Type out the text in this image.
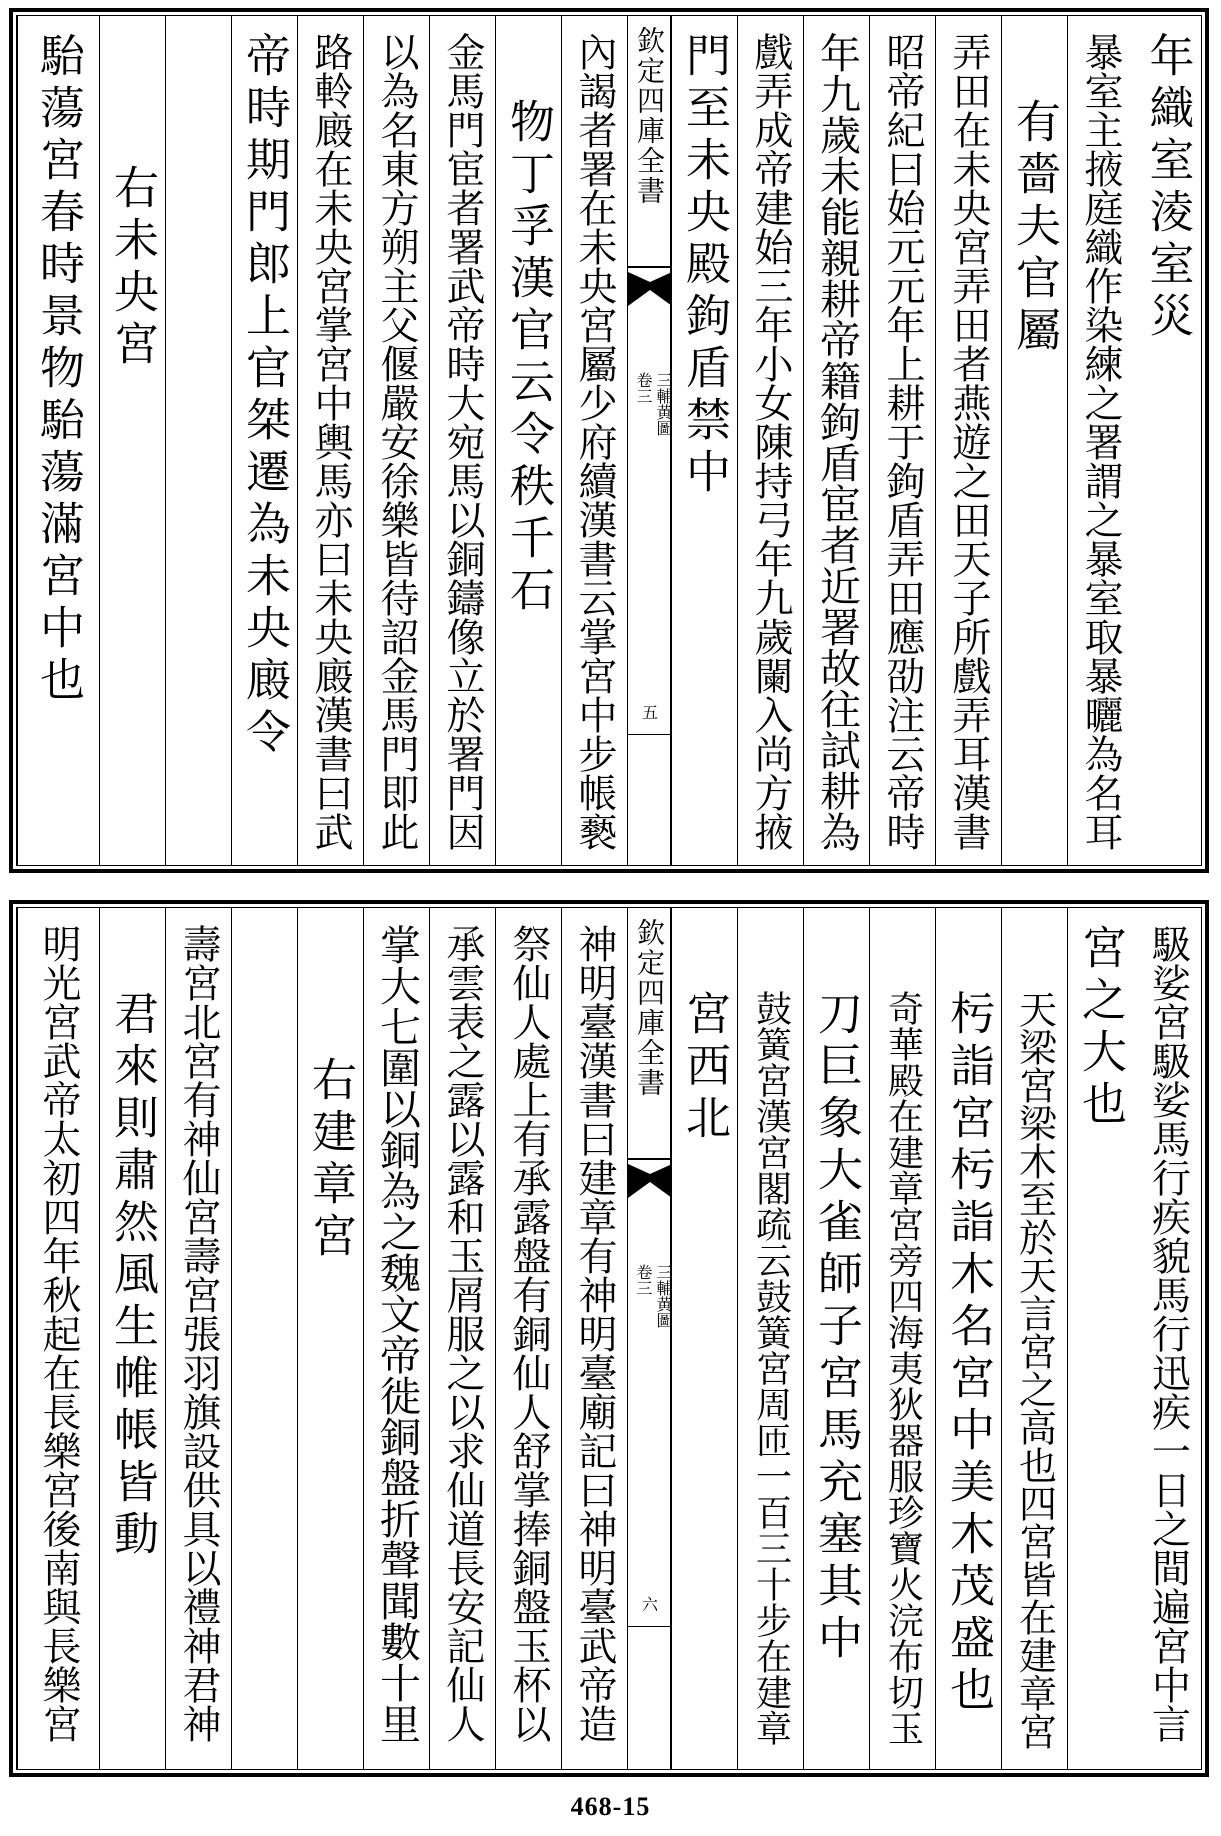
年織室淩室災
暴室主掖庭織作染練之署謂之暴室取暴曬為名耳
有嗇夫官屬
弄田在未央宮弄田者燕遊之田天子所戲弄耳漢書
昭帝紀曰始元元年上耕于鉤盾弄田應劭注云帝時
年九歲未能親耕帝籍鉤盾宦者近署故往試耕為
戲弄成帝建始三年小女陳持弓年九歲闌入尚方掖
門至未央殿鉤盾禁中
欽定四庫全書
三輔黄圖
卷三
五
內謁者署在未央宮屬少府續漢書云掌宮中步帳褻
物丁孚漢官云令秩千石
金馬門宦者署武帝時大宛馬以銅鑄像立於署門因
以為名東方朔主父偃嚴安徐樂皆待詔金馬門即此
路軨廄在未央宮掌宮中輿馬亦曰未央廄漢書曰武
帝時期門郎上官桀遷為未央廄令
右未央宮
駘蕩宮春時景物駘蕩滿宮中也
馺娑宮馺娑馬行疾貌馬行迅疾一日之間遍宮中言
宮之大也
天梁宮梁木至於天言宮之高也四宮皆在建章宮
杇詣宮杇詣木名宮中美木茂盛也
奇華殿在建章宮旁四海夷狄器服珍寶火浣布切玉
刀巨象大雀師子宮馬充塞其中
鼓簧宮漢宮閣疏云鼓簧宮周匝一百三十步在建章
宮西北
欽定四庫全書
三輔黄圖
卷三
六
神明臺漢書曰建章有神明臺廟記曰神明臺武帝造
祭仙人處上有承露盤有銅仙人舒掌捧銅盤玉杯以
承雲表之露以露和玉屑服之以求仙道長安記仙人
掌大七圍以銅為之魏文帝徙銅盤折聲聞數十里
右建章宮
壽宮北宮有神仙宮壽宮張羽旗設供具以禮神君神
君來則肅然風生帷帳皆動
明光宮武帝太初四年秋起在長樂宮後南與長樂宮
468-15
